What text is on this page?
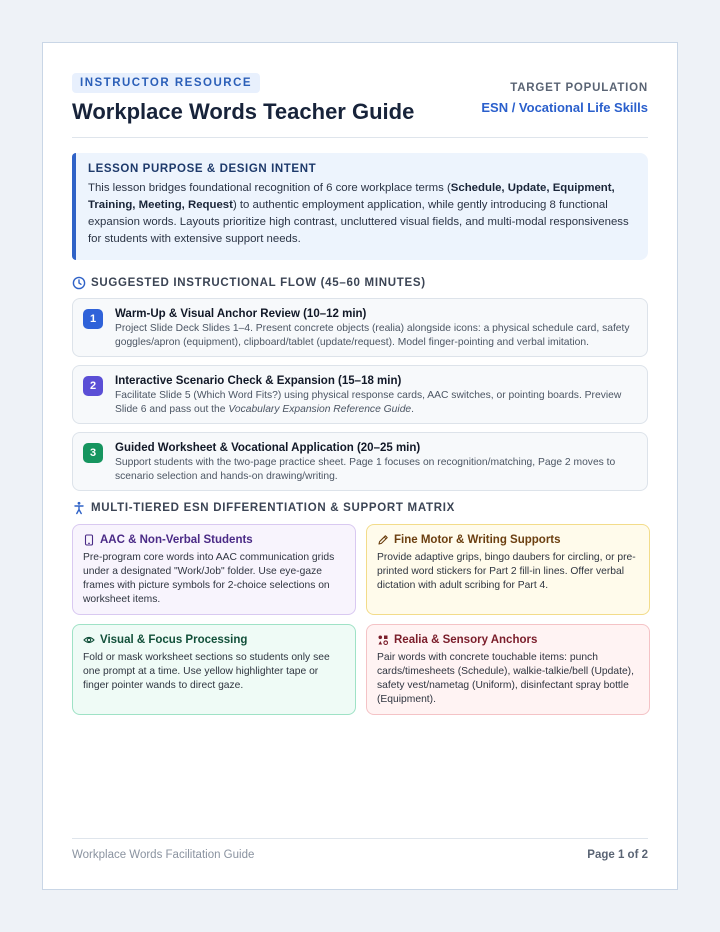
INSTRUCTOR RESOURCE
Workplace Words Teacher Guide
TARGET POPULATION
ESN / Vocational Life Skills
LESSON PURPOSE & DESIGN INTENT
This lesson bridges foundational recognition of 6 core workplace terms (Schedule, Update, Equipment, Training, Meeting, Request) to authentic employment application, while gently introducing 8 functional expansion words. Layouts prioritize high contrast, uncluttered visual fields, and multi-modal responsiveness for students with extensive support needs.
SUGGESTED INSTRUCTIONAL FLOW (45–60 MINUTES)
1	Warm-Up & Visual Anchor Review (10–12 min)
Project Slide Deck Slides 1–4. Present concrete objects (realia) alongside icons: a physical schedule card, safety goggles/apron (equipment), clipboard/tablet (update/request). Model finger-pointing and verbal imitation.
2	Interactive Scenario Check & Expansion (15–18 min)
Facilitate Slide 5 (Which Word Fits?) using physical response cards, AAC switches, or pointing boards. Preview Slide 6 and pass out the Vocabulary Expansion Reference Guide.
3	Guided Worksheet & Vocational Application (20–25 min)
Support students with the two-page practice sheet. Page 1 focuses on recognition/matching, Page 2 moves to scenario selection and hands-on drawing/writing.
MULTI-TIERED ESN DIFFERENTIATION & SUPPORT MATRIX
AAC & Non-Verbal Students
Pre-program core words into AAC communication grids under a designated "Work/Job" folder. Use eye-gaze frames with picture symbols for 2-choice selections on worksheet items.
Fine Motor & Writing Supports
Provide adaptive grips, bingo daubers for circling, or pre-printed word stickers for Part 2 fill-in lines. Offer verbal dictation with adult scribing for Part 4.
Visual & Focus Processing
Fold or mask worksheet sections so students only see one prompt at a time. Use yellow highlighter tape or finger pointer wands to direct gaze.
Realia & Sensory Anchors
Pair words with concrete touchable items: punch cards/timesheets (Schedule), walkie-talkie/bell (Update), safety vest/nametag (Uniform), disinfectant spray bottle (Equipment).
Workplace Words Facilitation Guide	Page 1 of 2
